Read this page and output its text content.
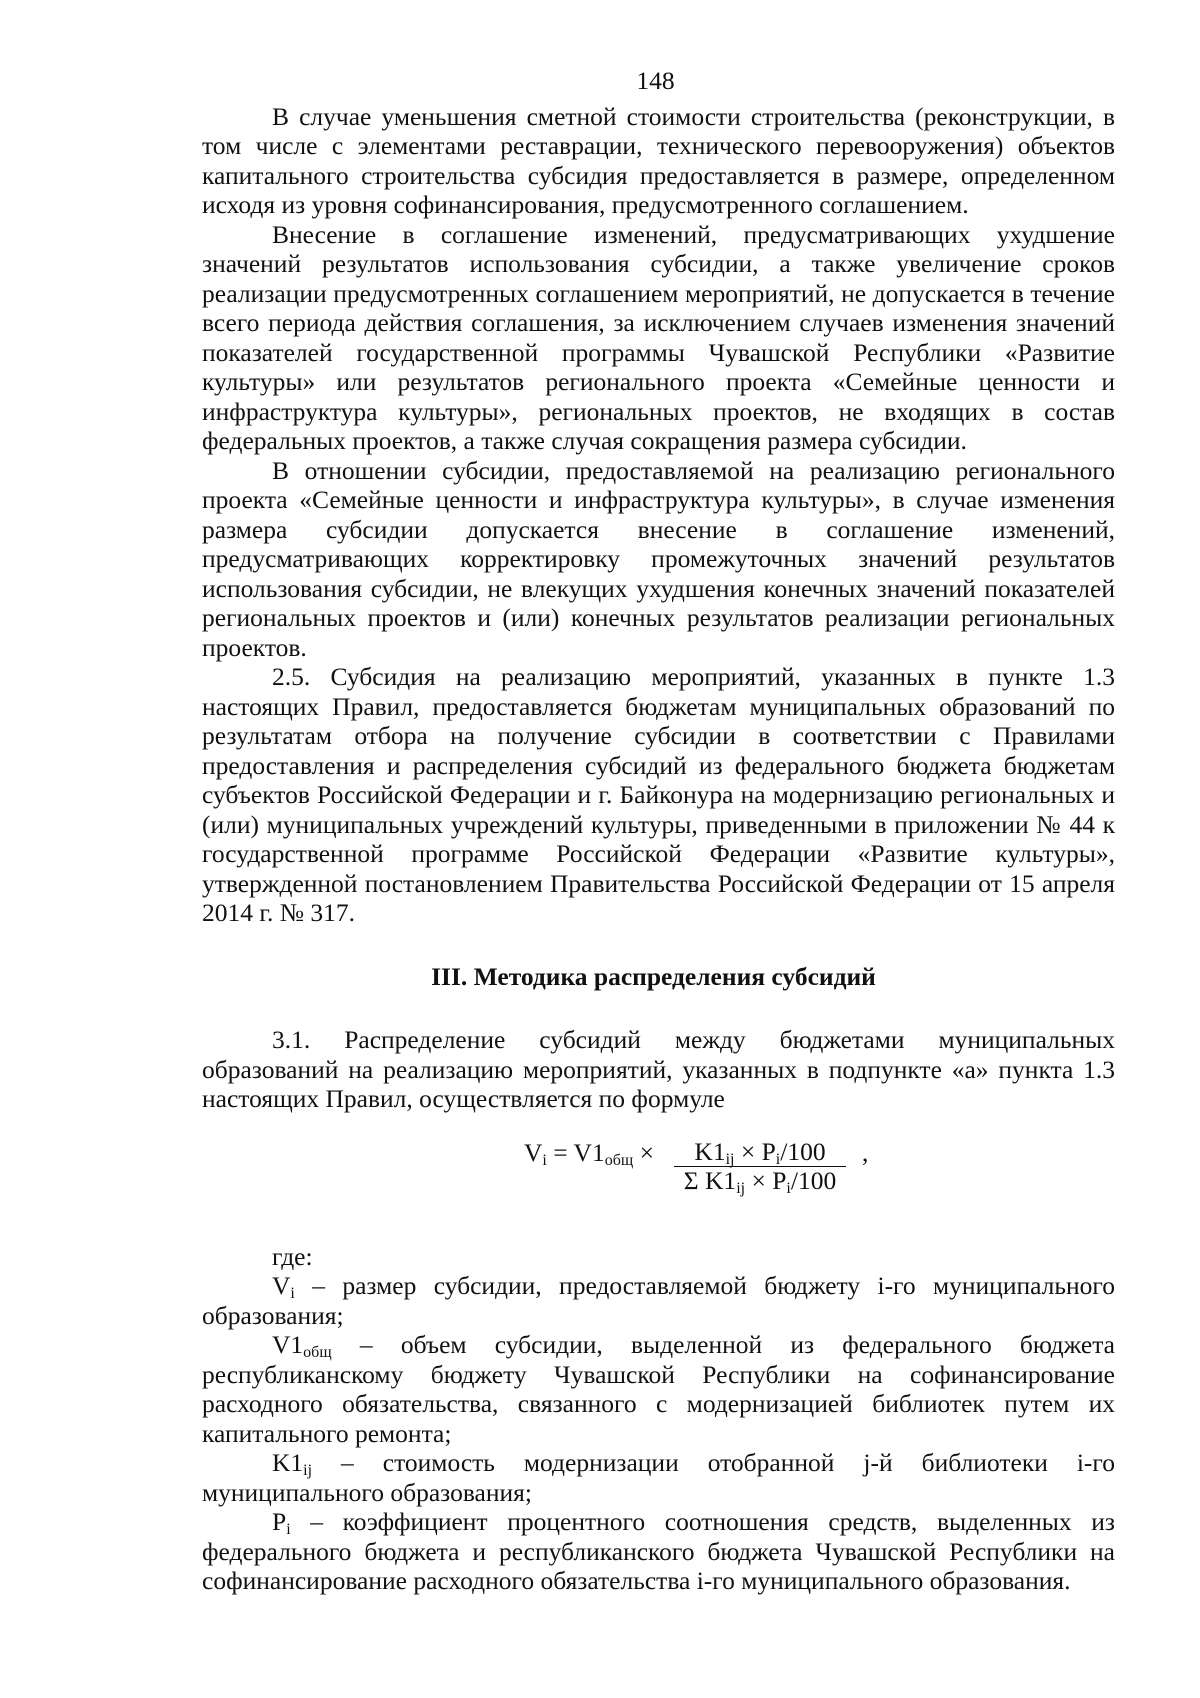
148

В случае уменьшения сметной стоимости строительства (реконструкции, в том числе с элементами реставрации, технического перевооружения) объектов капитального строительства субсидия предоставляется в размере, определенном исходя из уровня софинансирования, предусмотренного соглашением.

Внесение в соглашение изменений, предусматривающих ухудшение значений результатов использования субсидии, а также увеличение сроков реализации предусмотренных соглашением мероприятий, не допускается в течение всего периода действия соглашения, за исключением случаев изменения значений показателей государственной программы Чувашской Республики «Развитие культуры» или результатов регионального проекта «Семейные ценности и инфраструктура культуры», региональных проектов, не входящих в состав федеральных проектов, а также случая сокращения размера субсидии.

В отношении субсидии, предоставляемой на реализацию регионального проекта «Семейные ценности и инфраструктура культуры», в случае изменения размера субсидии допускается внесение в соглашение изменений, предусматривающих корректировку промежуточных значений результатов использования субсидии, не влекущих ухудшения конечных значений показателей региональных проектов и (или) конечных результатов реализации региональных проектов.

2.5. Субсидия на реализацию мероприятий, указанных в пункте 1.3 настоящих Правил, предоставляется бюджетам муниципальных образований по результатам отбора на получение субсидии в соответствии с Правилами предоставления и распределения субсидий из федерального бюджета бюджетам субъектов Российской Федерации и г. Байконура на модернизацию региональных и (или) муниципальных учреждений культуры, приведенными в приложении № 44 к государственной программе Российской Федерации «Развитие культуры», утвержденной постановлением Правительства Российской Федерации от 15 апреля 2014 г. № 317.

III. Методика распределения субсидий

3.1. Распределение субсидий между бюджетами муниципальных образований на реализацию мероприятий, указанных в подпункте «а» пункта 1.3 настоящих Правил, осуществляется по формуле

$V_i = V1_{общ} \times \frac{K1_{ij} \times P_i/100}{\Sigma K1_{ij} \times P_i/100}$ ,

где:

$V_i$ – размер субсидии, предоставляемой бюджету i-го муниципального образования;

$V1_{общ}$ – объем субсидии, выделенной из федерального бюджета республиканскому бюджету Чувашской Республики на софинансирование расходного обязательства, связанного с модернизацией библиотек путем их капитального ремонта;

$K1_{ij}$ – стоимость модернизации отобранной j-й библиотеки i-го муниципального образования;

$P_i$ – коэффициент процентного соотношения средств, выделенных из федерального бюджета и республиканского бюджета Чувашской Республики на софинансирование расходного обязательства i-го муниципального образования.
